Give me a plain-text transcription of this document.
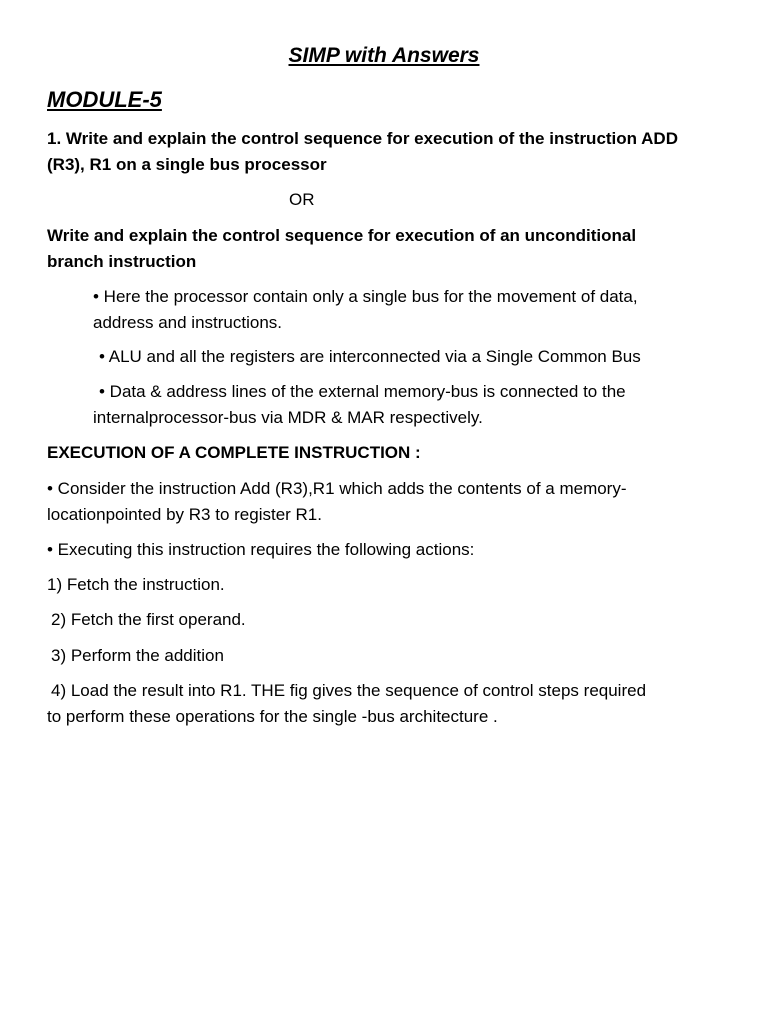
SIMP with Answers
MODULE-5
1. Write and explain the control sequence for execution of the instruction ADD
(R3), R1 on a single bus processor
OR
Write and explain the control sequence for execution of an unconditional
branch instruction
• Here the processor contain only a single bus for the movement of data,
address and instructions.
• ALU and all the registers are interconnected via a Single Common Bus
• Data & address lines of the external memory-bus is connected to the
internalprocessor-bus via MDR & MAR respectively.
EXECUTION OF A COMPLETE INSTRUCTION :
• Consider the instruction Add (R3),R1 which adds the contents of a memory-
locationpointed by R3 to register R1.
• Executing this instruction requires the following actions:
1) Fetch the instruction.
2) Fetch the first operand.
3) Perform the addition
4) Load the result into R1. THE fig gives the sequence of control steps required
to perform these operations for the single -bus architecture .
